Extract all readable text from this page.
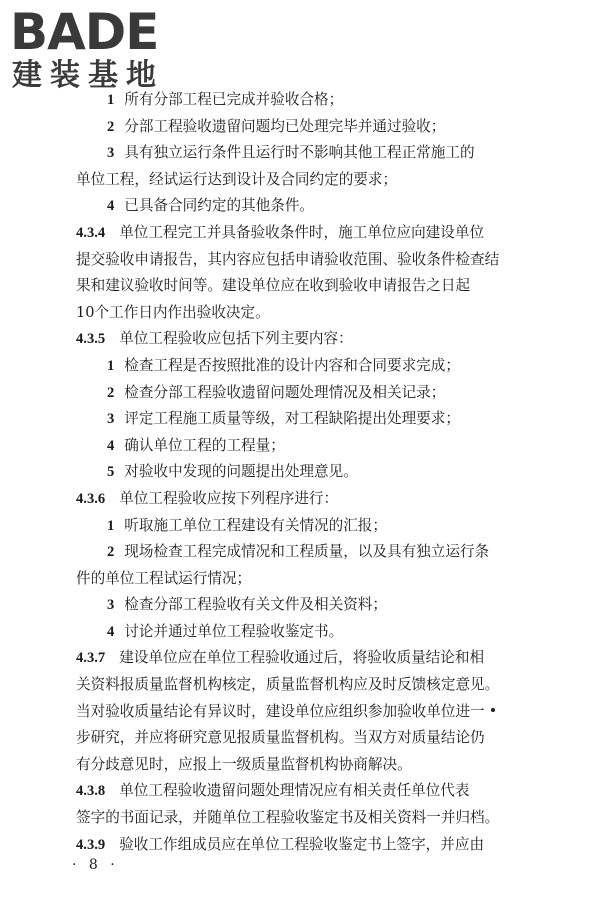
BADE
建装基地
1 所有分部工程已完成并验收合格；
2 分部工程验收遗留问题均已处理完毕并通过验收；
3 具有独立运行条件且运行时不影响其他工程正常施工的
单位工程，经试运行达到设计及合同约定的要求；
4 已具备合同约定的其他条件。
4.3.4 单位工程完工并具备验收条件时，施工单位应向建设单位
提交验收申请报告，其内容应包括申请验收范围、验收条件检查结
果和建议验收时间等。建设单位应在收到验收申请报告之日起
10个工作日内作出验收决定。
4.3.5 单位工程验收应包括下列主要内容：
1 检查工程是否按照批准的设计内容和合同要求完成；
2 检查分部工程验收遗留问题处理情况及相关记录；
3 评定工程施工质量等级，对工程缺陷提出处理要求；
4 确认单位工程的工程量；
5 对验收中发现的问题提出处理意见。
4.3.6 单位工程验收应按下列程序进行：
1 听取施工单位工程建设有关情况的汇报；
2 现场检查工程完成情况和工程质量，以及具有独立运行条
件的单位工程试运行情况；
3 检查分部工程验收有关文件及相关资料；
4 讨论并通过单位工程验收鉴定书。
4.3.7 建设单位应在单位工程验收通过后，将验收质量结论和相
关资料报质量监督机构核定，质量监督机构应及时反馈核定意见。
当对验收质量结论有异议时，建设单位应组织参加验收单位进一
步研究，并应将研究意见报质量监督机构。当双方对质量结论仍
有分歧意见时，应报上一级质量监督机构协商解决。
4.3.8 单位工程验收遗留问题处理情况应有相关责任单位代表
签字的书面记录，并随单位工程验收鉴定书及相关资料一并归档。
4.3.9 验收工作组成员应在单位工程验收鉴定书上签字，并应由
· 8 ·
